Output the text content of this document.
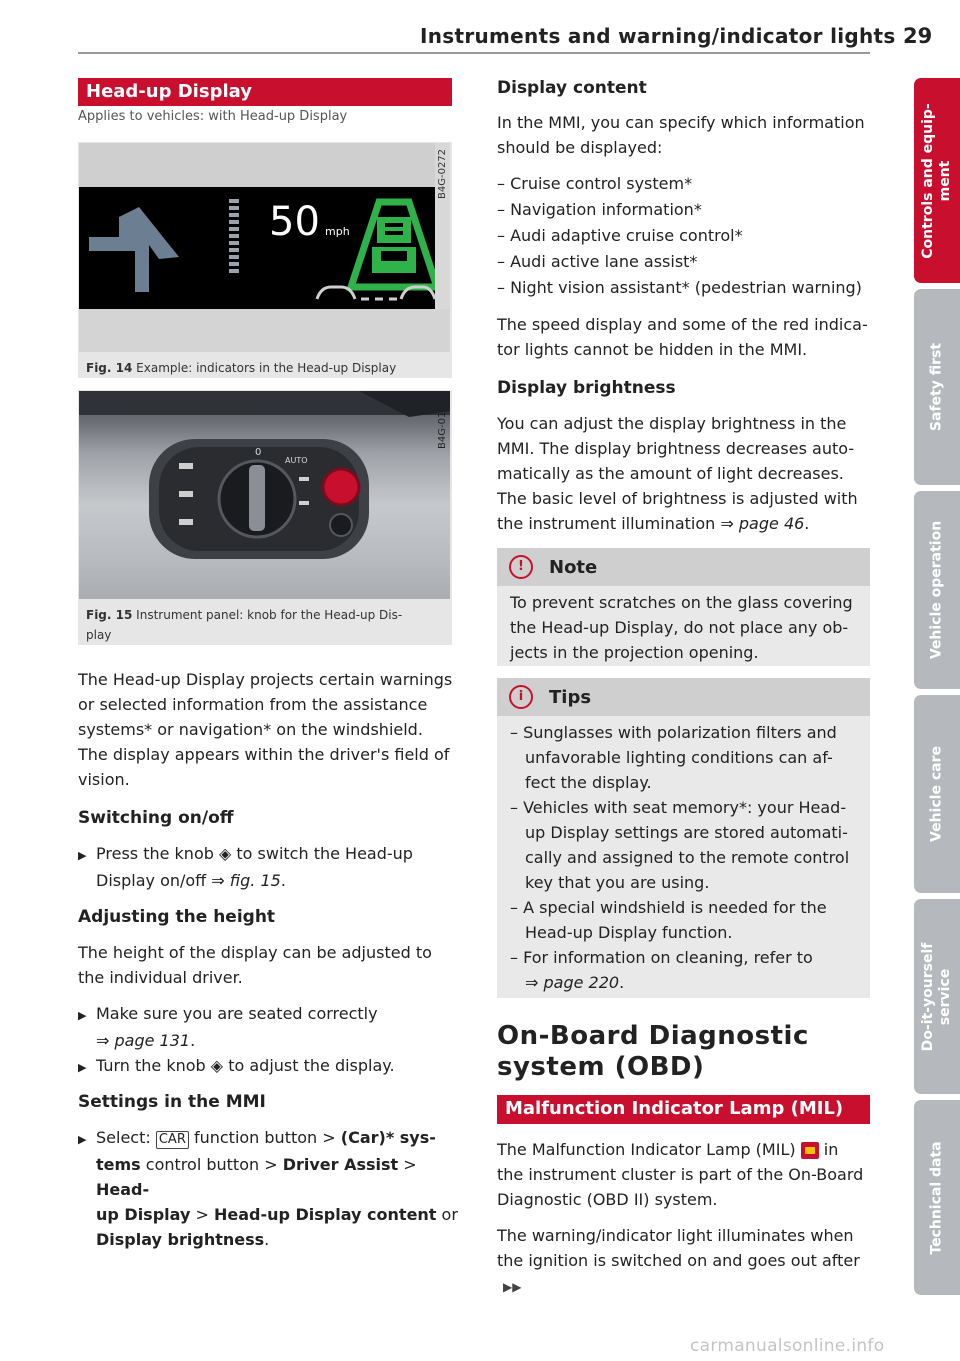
Instruments and warning/indicator lights 29
Controls and equip- ment
Safety first
Vehicle operation
Vehicle care
Do-it-yourself service
Technical data
Head-up Display
Applies to vehicles: with Head-up Display
50 mph
B4G-0272
Fig. 14 Example: indicators in the Head-up Display
0
AUTO
B4G-0134
Fig. 15 Instrument panel: knob for the Head-up Dis-
play
The Head-up Display projects certain warnings
or selected information from the assistance
systems* or navigation* on the windshield.
The display appears within the driver's field of
vision.
Switching on/off
▶ Press the knob ◈ to switch the Head-up
Display on/off ⇒ fig. 15.
Adjusting the height
The height of the display can be adjusted to
the individual driver.
▶ Make sure you are seated correctly
⇒ page 131.
▶ Turn the knob ◈ to adjust the display.
Settings in the MMI
▶ Select: CAR function button > (Car)* sys-
tems control button > Driver Assist > Head-
up Display > Head-up Display content or
Display brightness.
Display content
In the MMI, you can specify which information
should be displayed:
– Cruise control system*
– Navigation information*
– Audi adaptive cruise control*
– Audi active lane assist*
– Night vision assistant* (pedestrian warning)
The speed display and some of the red indica-
tor lights cannot be hidden in the MMI.
Display brightness
You can adjust the display brightness in the
MMI. The display brightness decreases auto-
matically as the amount of light decreases.
The basic level of brightness is adjusted with
the instrument illumination ⇒ page 46.
!	Note
To prevent scratches on the glass covering
the Head-up Display, do not place any ob-
jects in the projection opening.
i	Tips
– Sunglasses with polarization filters and
unfavorable lighting conditions can af-
fect the display.
– Vehicles with seat memory*: your Head-
up Display settings are stored automati-
cally and assigned to the remote control
key that you are using.
– A special windshield is needed for the
Head-up Display function.
– For information on cleaning, refer to
⇒ page 220.
On-Board Diagnostic
system (OBD)
Malfunction Indicator Lamp (MIL)
The Malfunction Indicator Lamp (MIL) in
the instrument cluster is part of the On-Board
Diagnostic (OBD II) system.
The warning/indicator light illuminates when
the ignition is switched on and goes out after ▶▶
carmanualsonline.info
